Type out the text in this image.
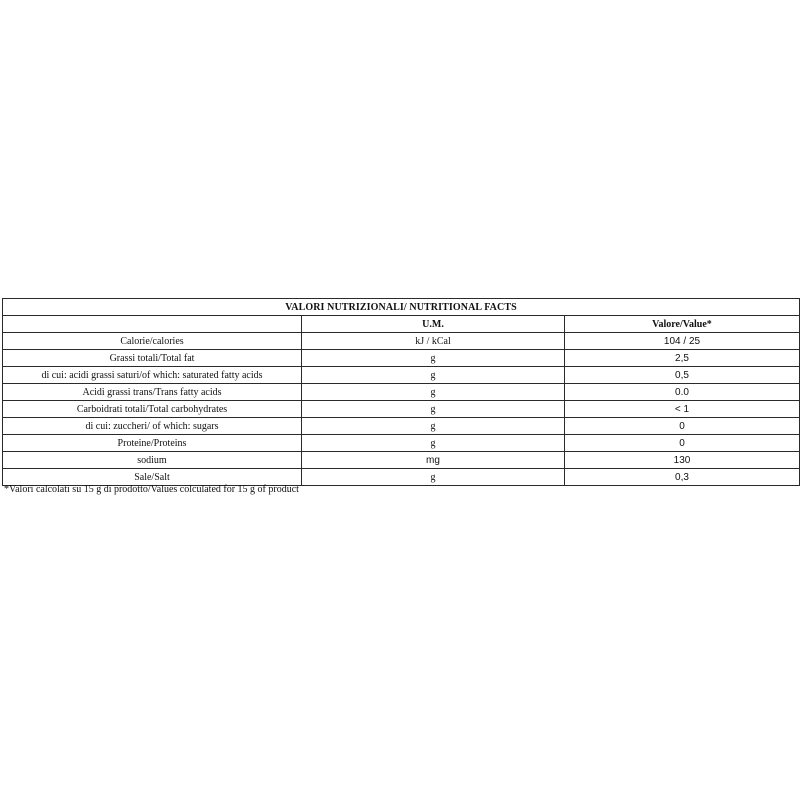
VALORI NUTRIZIONALI/ NUTRITIONAL FACTS		
	U.M.	Valore/Value*
Calorie/calories	kJ / kCal	104 / 25
Grassi totali/Total fat	g	2,5
di cui: acidi grassi saturi/of which: saturated fatty acids	g	0,5
Acidi grassi trans/Trans fatty acids	g	0.0
Carboidrati totali/Total carbohydrates	g	< 1
di cui: zuccheri/ of which: sugars	g	0
Proteine/Proteins	g	0
sodium	mg	130
Sale/Salt	g	0,3
*Valori calcolati su 15 g di prodotto/Values colculated for 15 g of product
